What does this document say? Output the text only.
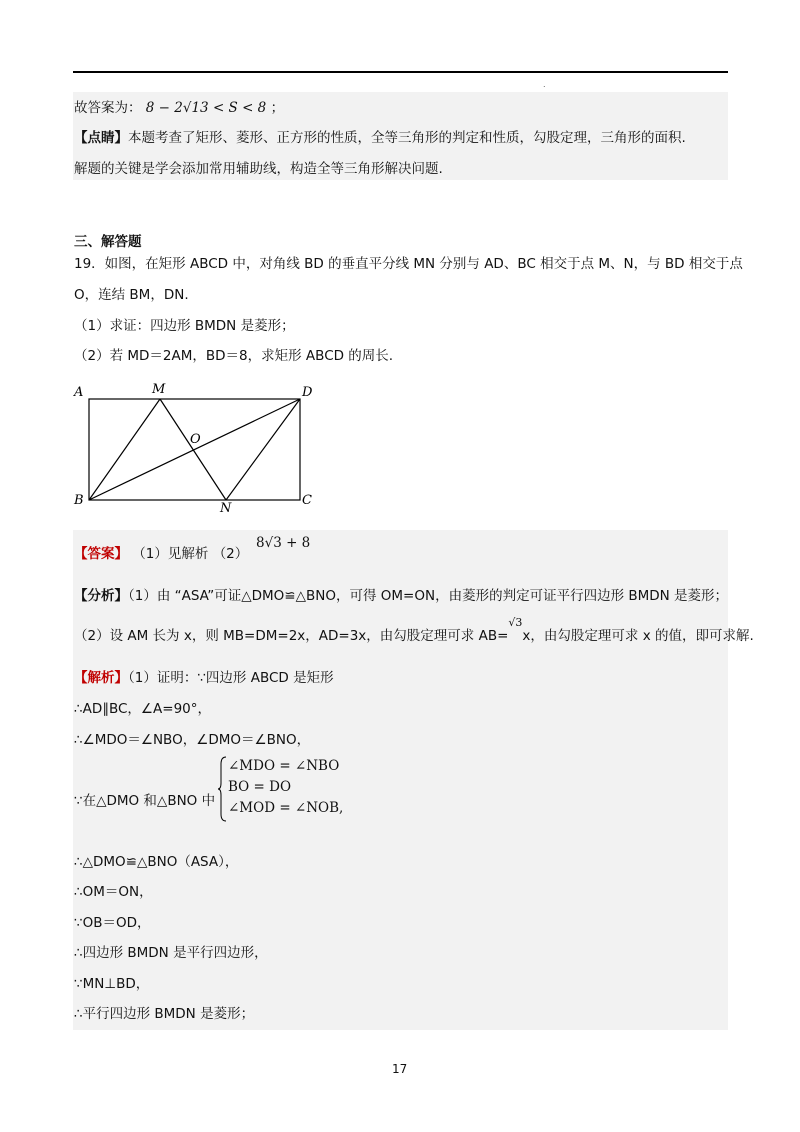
.
故答案为： 8 − 2√13 < S < 8 ；
【点睛】本题考查了矩形、菱形、正方形的性质，全等三角形的判定和性质，勾股定理，三角形的面积.
解题的关键是学会添加常用辅助线，构造全等三角形解决问题.
三、解答题
19．如图，在矩形 ABCD 中，对角线 BD 的垂直平分线 MN 分别与 AD、BC 相交于点 M、N，与 BD 相交于点
O，连结 BM，DN.
（1）求证：四边形 BMDN 是菱形；
（2）若 MD＝2AM，BD＝8，求矩形 ABCD 的周长.
A	M	D
O
B
N
C
【答案】 （1）见解析 （2）
8√3 + 8
【分析】（1）由 “ASA”可证△DMO≌△BNO，可得 OM=ON，由菱形的判定可证平行四边形 BMDN 是菱形；
（2）设 AM 长为 x，则 MB=DM=2x，AD=3x，由勾股定理可求 AB=$^{√3}$x，由勾股定理可求 x 的值，即可求解.
【解析】（1）证明：∵四边形 ABCD 是矩形
∴AD∥BC，∠A=90°，
∴∠MDO＝∠NBO，∠DMO＝∠BNO，
∵在△DMO 和△BNO 中
∠MDO = ∠NBO
BO = DO
∠MOD = ∠NOB,
∴△DMO≌△BNO（ASA），
∴OM＝ON，
∵OB＝OD，
∴四边形 BMDN 是平行四边形，
∵MN⊥BD，
∴平行四边形 BMDN 是菱形；
17
